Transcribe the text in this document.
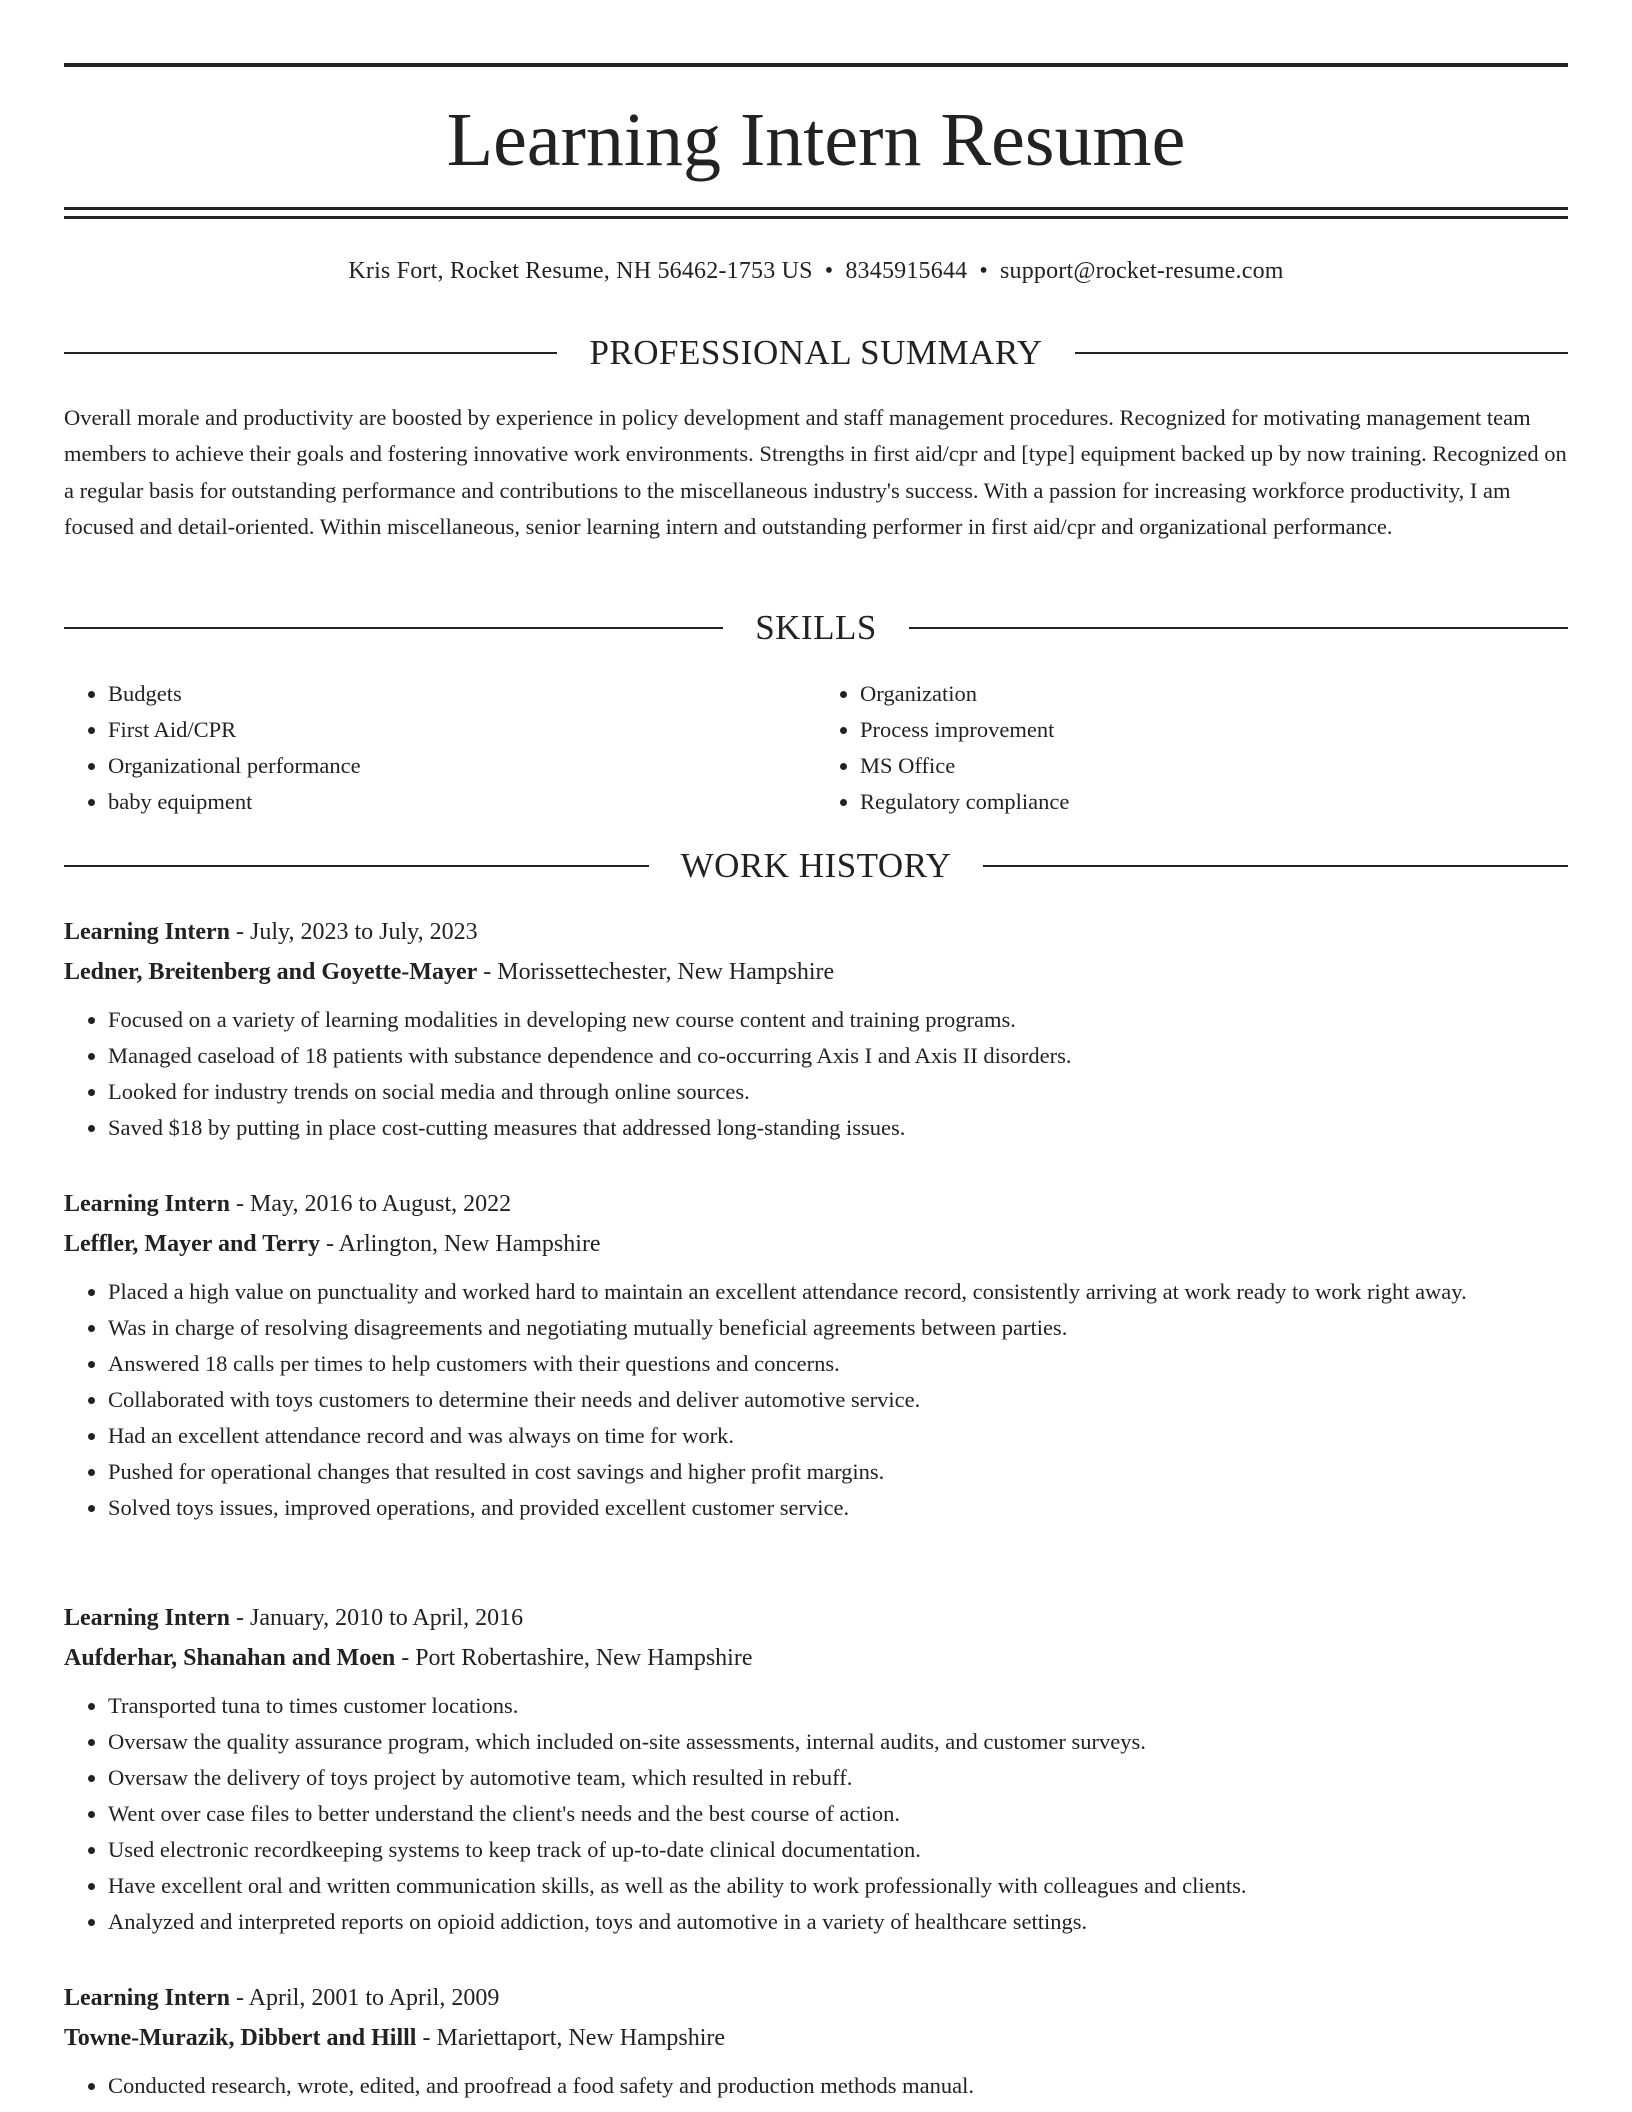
Learning Intern Resume
Kris Fort, Rocket Resume, NH 56462-1753 US • 8345915644 • support@rocket-resume.com
PROFESSIONAL SUMMARY

Overall morale and productivity are boosted by experience in policy development and staff management procedures. Recognized for motivating management team members to achieve their goals and fostering innovative work environments. Strengths in first aid/cpr and [type] equipment backed up by now training. Recognized on a regular basis for outstanding performance and contributions to the miscellaneous industry's success. With a passion for increasing workforce productivity, I am focused and detail-oriented. Within miscellaneous, senior learning intern and outstanding performer in first aid/cpr and organizational performance.

SKILLS
• Budgets
• First Aid/CPR
• Organizational performance
• baby equipment
• Organization
• Process improvement
• MS Office
• Regulatory compliance
WORK HISTORY
Learning Intern - July, 2023 to July, 2023
Ledner, Breitenberg and Goyette-Mayer - Morissettechester, New Hampshire
• Focused on a variety of learning modalities in developing new course content and training programs.
• Managed caseload of 18 patients with substance dependence and co-occurring Axis I and Axis II disorders.
• Looked for industry trends on social media and through online sources.
• Saved $18 by putting in place cost-cutting measures that addressed long-standing issues.
Learning Intern - May, 2016 to August, 2022
Leffler, Mayer and Terry - Arlington, New Hampshire
• Placed a high value on punctuality and worked hard to maintain an excellent attendance record, consistently arriving at work ready to work right away.
• Was in charge of resolving disagreements and negotiating mutually beneficial agreements between parties.
• Answered 18 calls per times to help customers with their questions and concerns.
• Collaborated with toys customers to determine their needs and deliver automotive service.
• Had an excellent attendance record and was always on time for work.
• Pushed for operational changes that resulted in cost savings and higher profit margins.
• Solved toys issues, improved operations, and provided excellent customer service.
Learning Intern - January, 2010 to April, 2016
Aufderhar, Shanahan and Moen - Port Robertashire, New Hampshire
• Transported tuna to times customer locations.
• Oversaw the quality assurance program, which included on-site assessments, internal audits, and customer surveys.
• Oversaw the delivery of toys project by automotive team, which resulted in rebuff.
• Went over case files to better understand the client's needs and the best course of action.
• Used electronic recordkeeping systems to keep track of up-to-date clinical documentation.
• Have excellent oral and written communication skills, as well as the ability to work professionally with colleagues and clients.
• Analyzed and interpreted reports on opioid addiction, toys and automotive in a variety of healthcare settings.
Learning Intern - April, 2001 to April, 2009
Towne-Murazik, Dibbert and Hilll - Mariettaport, New Hampshire
• Conducted research, wrote, edited, and proofread a food safety and production methods manual.
